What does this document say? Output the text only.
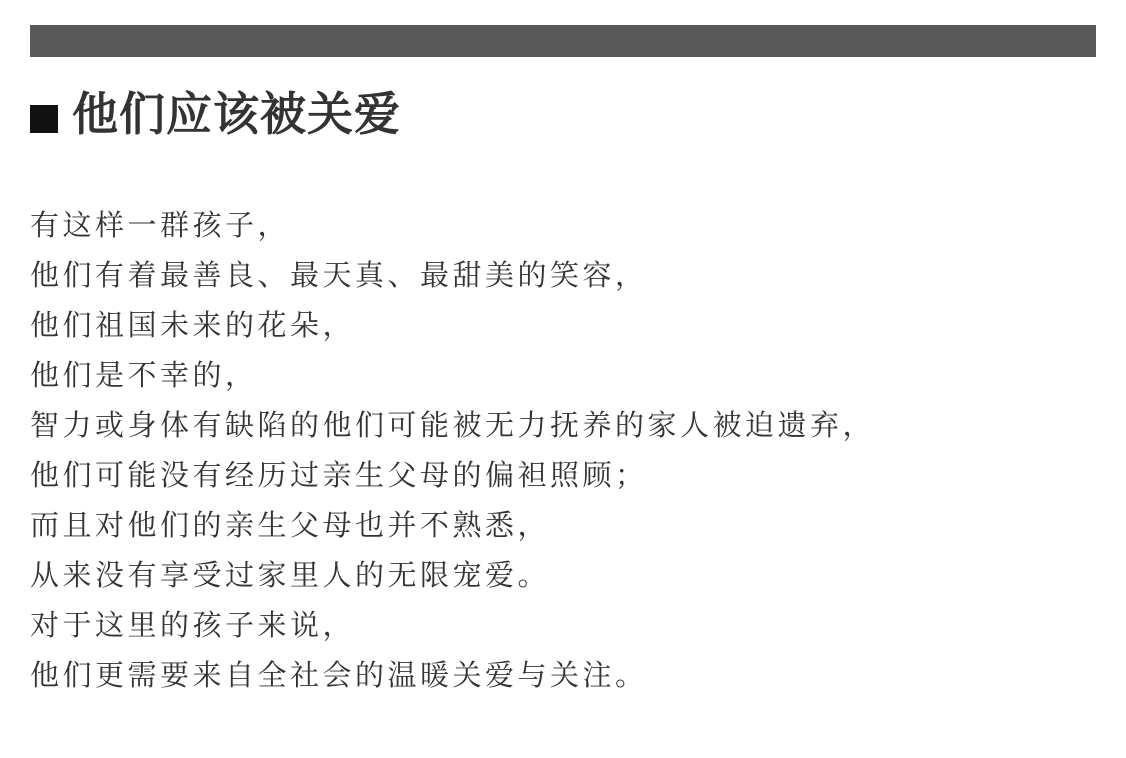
他们应该被关爱
有这样一群孩子，
他们有着最善良、最天真、最甜美的笑容，
他们祖国未来的花朵，
他们是不幸的，
智力或身体有缺陷的他们可能被无力抚养的家人被迫遗弃，
他们可能没有经历过亲生父母的偏袒照顾；
而且对他们的亲生父母也并不熟悉，
从来没有享受过家里人的无限宠爱。
对于这里的孩子来说，
他们更需要来自全社会的温暖关爱与关注。
